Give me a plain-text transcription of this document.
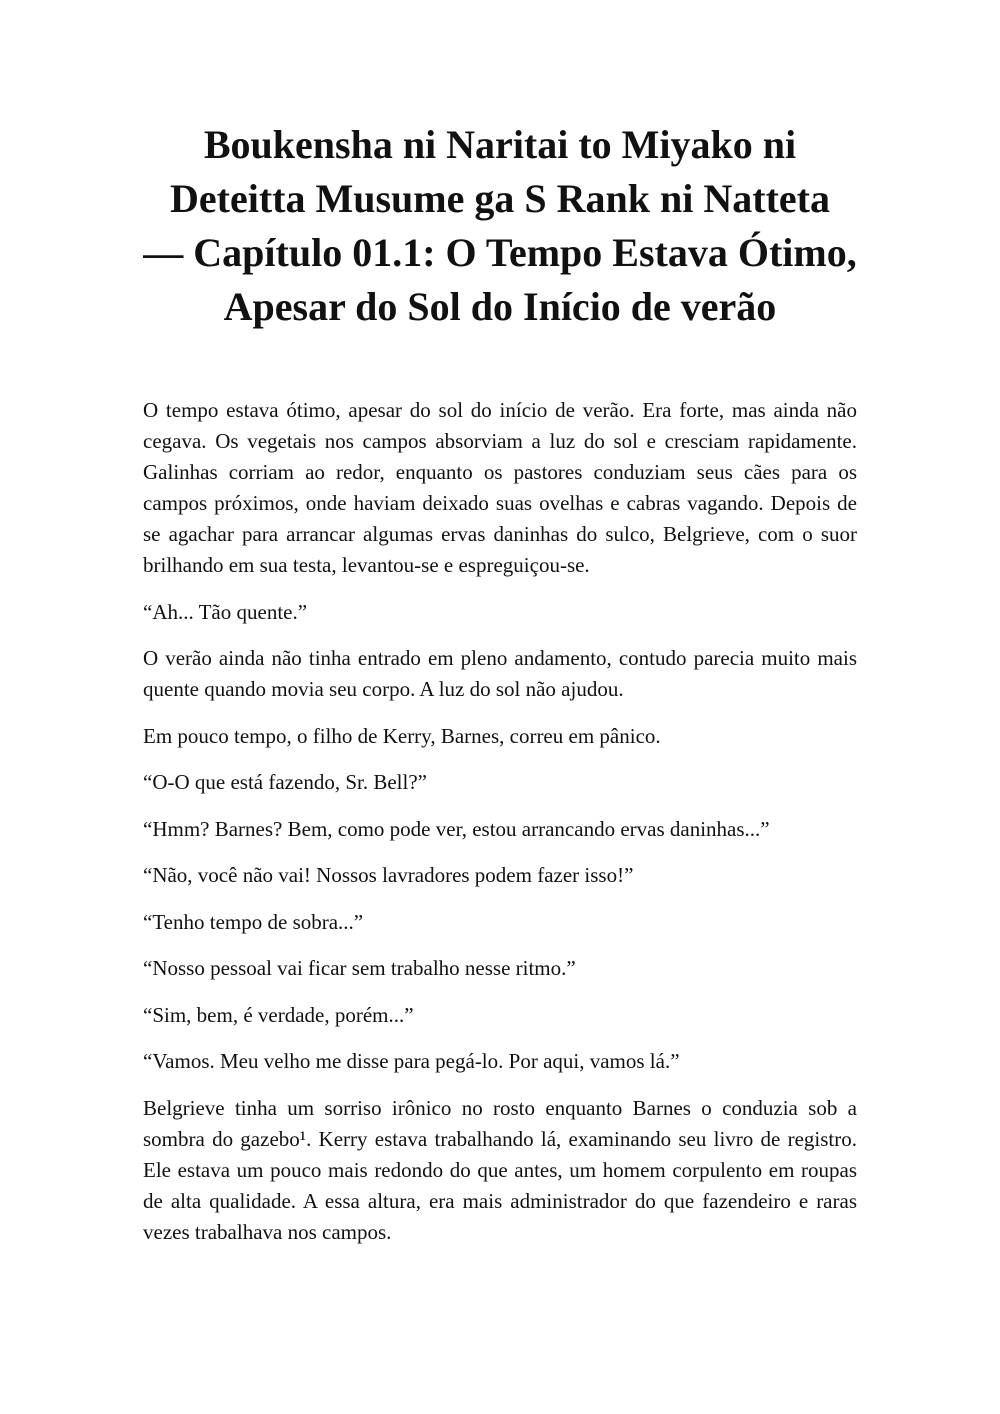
Boukensha ni Naritai to Miyako ni
Deteitta Musume ga S Rank ni Natteta
— Capítulo 01.1: O Tempo Estava Ótimo,
Apesar do Sol do Início de verão

O tempo estava ótimo, apesar do sol do início de verão. Era forte, mas ainda não cegava. Os vegetais nos campos absorviam a luz do sol e cresciam rapidamente. Galinhas corriam ao redor, enquanto os pastores conduziam seus cães para os campos próximos, onde haviam deixado suas ovelhas e cabras vagando. Depois de se agachar para arrancar algumas ervas daninhas do sulco, Belgrieve, com o suor brilhando em sua testa, levantou-se e espreguiçou-se.

“Ah... Tão quente.”

O verão ainda não tinha entrado em pleno andamento, contudo parecia muito mais quente quando movia seu corpo. A luz do sol não ajudou.

Em pouco tempo, o filho de Kerry, Barnes, correu em pânico.

“O-O que está fazendo, Sr. Bell?”

“Hmm? Barnes? Bem, como pode ver, estou arrancando ervas daninhas...”

“Não, você não vai! Nossos lavradores podem fazer isso!”

“Tenho tempo de sobra...”

“Nosso pessoal vai ficar sem trabalho nesse ritmo.”

“Sim, bem, é verdade, porém...”

“Vamos. Meu velho me disse para pegá-lo. Por aqui, vamos lá.”

Belgrieve tinha um sorriso irônico no rosto enquanto Barnes o conduzia sob a sombra do gazebo¹. Kerry estava trabalhando lá, examinando seu livro de registro. Ele estava um pouco mais redondo do que antes, um homem corpulento em roupas de alta qualidade. A essa altura, era mais administrador do que fazendeiro e raras vezes trabalhava nos campos.
